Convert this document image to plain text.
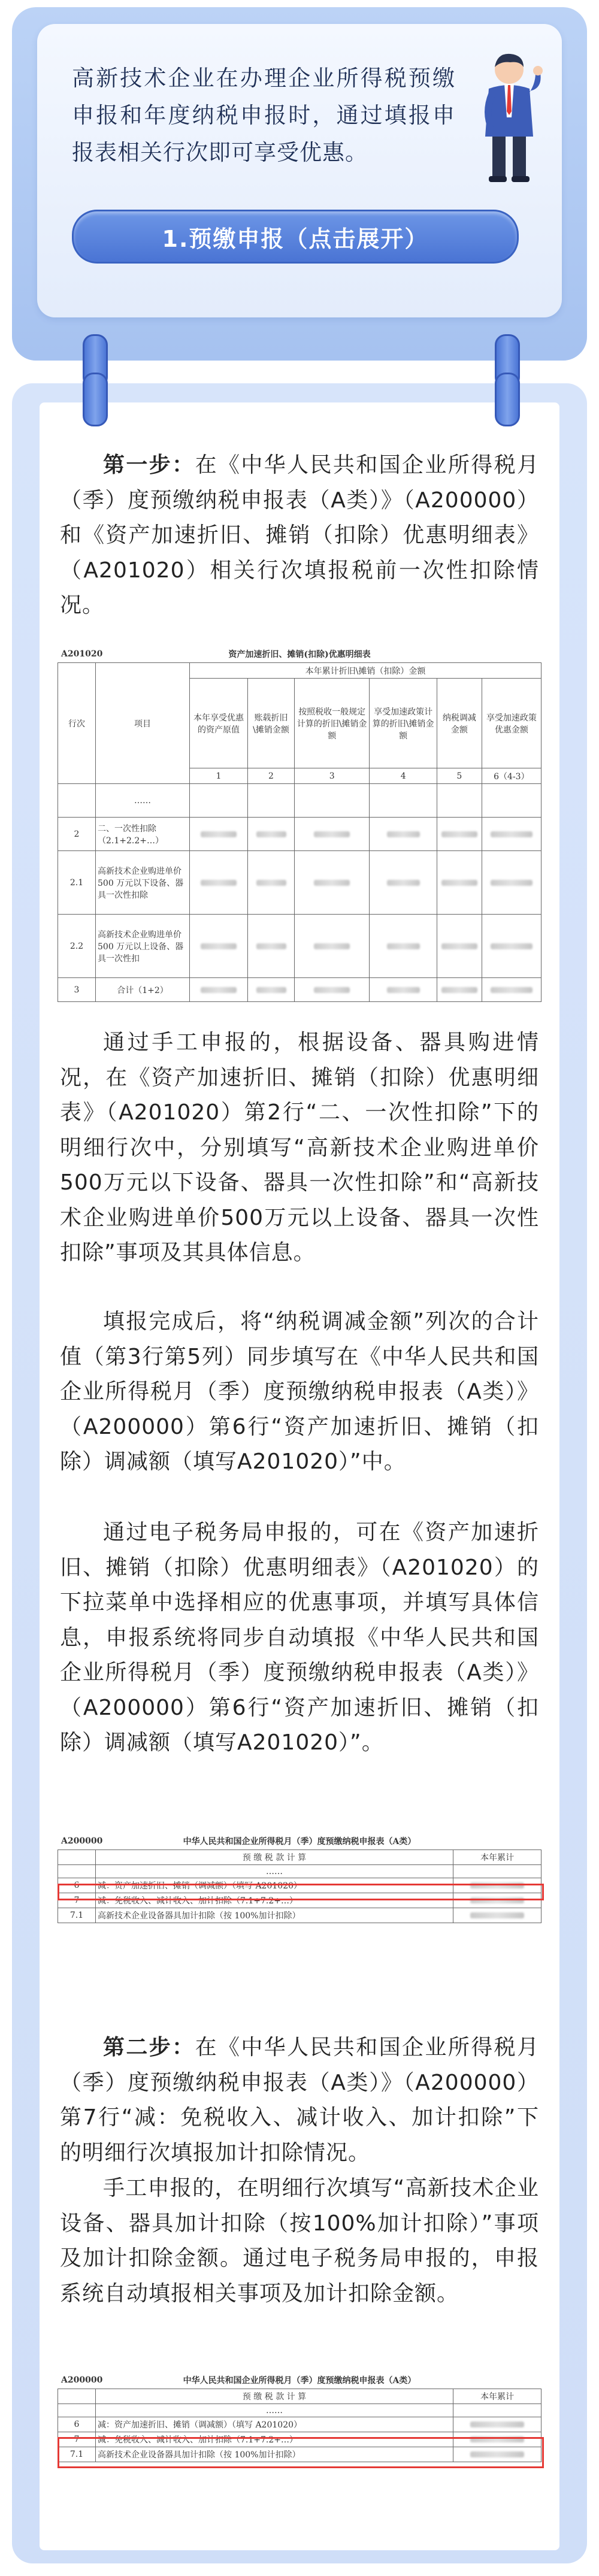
高新技术企业在办理企业所得税预缴申报和年度纳税申报时，通过填报申报表相关行次即可享受优惠。
1.预缴申报（点击展开）
第一步：在《中华人民共和国企业所得税月（季）度预缴纳税申报表（A类）》（A200000）和《资产加速折旧、摊销（扣除）优惠明细表》（A201020）相关行次填报税前一次性扣除情况。
A201020	资产加速折旧、摊销(扣除)优惠明细表
行次	项目	本年累计折旧\摊销（扣除）金额					
		本年享受优惠的资产原值	账载折旧\摊销金额	按照税收一般规定计算的折旧\摊销金额	享受加速政策计算的折旧\摊销金额	纳税调减金额	享受加速政策优惠金额
		1	2	3	4	5	6（4-3）
	……						
2	二、一次性扣除（2.1+2.2+…）						
2.1	高新技术企业购进单价 500 万元以下设备、器具一次性扣除						
2.2	高新技术企业购进单价 500 万元以上设备、器具一次性扣						
3	合计（1+2）						
通过手工申报的，根据设备、器具购进情况，在《资产加速折旧、摊销（扣除）优惠明细表》（A201020）第2行“二、一次性扣除”下的明细行次中，分别填写“高新技术企业购进单价500万元以下设备、器具一次性扣除”和“高新技术企业购进单价500万元以上设备、器具一次性扣除”事项及其具体信息。
填报完成后，将“纳税调减金额”列次的合计值（第3行第5列）同步填写在《中华人民共和国企业所得税月（季）度预缴纳税申报表（A类）》（A200000）第6行“资产加速折旧、摊销（扣除）调减额（填写A201020）”中。
通过电子税务局申报的，可在《资产加速折旧、摊销（扣除）优惠明细表》（A201020）的下拉菜单中选择相应的优惠事项，并填写具体信息，申报系统将同步自动填报《中华人民共和国企业所得税月（季）度预缴纳税申报表（A类）》（A200000）第6行“资产加速折旧、摊销（扣除）调减额（填写A201020）”。
A200000	中华人民共和国企业所得税月（季）度预缴纳税申报表（A类）
	预 缴 税 款 计 算	本年累计
	……	
6	减：资产加速折旧、摊销（调减额）（填写 A201020）	
7	减：免税收入、减计收入、加计扣除（7.1+7.2+…）	
7.1	高新技术企业设备器具加计扣除（按 100%加计扣除）	
第二步：在《中华人民共和国企业所得税月（季）度预缴纳税申报表（A类）》（A200000）第7行“减：免税收入、减计收入、加计扣除”下的明细行次填报加计扣除情况。
手工申报的，在明细行次填写“高新技术企业设备、器具加计扣除（按100%加计扣除）”事项及加计扣除金额。通过电子税务局申报的，申报系统自动填报相关事项及加计扣除金额。
A200000	中华人民共和国企业所得税月（季）度预缴纳税申报表（A类）
	预 缴 税 款 计 算	本年累计
	……	
6	减：资产加速折旧、摊销（调减额）（填写 A201020）	
7	减：免税收入、减计收入、加计扣除（7.1+7.2+…）	
7.1	高新技术企业设备器具加计扣除（按 100%加计扣除）	
